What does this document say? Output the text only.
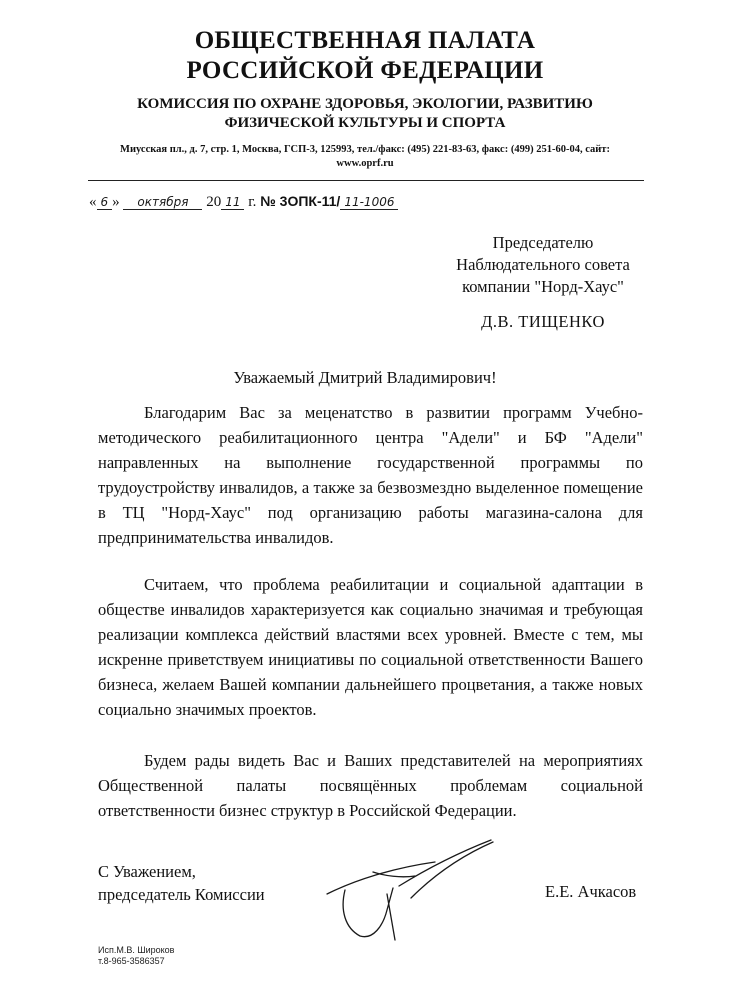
ОБЩЕСТВЕННАЯ ПАЛАТА
РОССИЙСКОЙ ФЕДЕРАЦИИ
КОМИССИЯ ПО ОХРАНЕ ЗДОРОВЬЯ, ЭКОЛОГИИ, РАЗВИТИЮ
ФИЗИЧЕСКОЙ КУЛЬТУРЫ И СПОРТА
Миусская пл., д. 7, стр. 1, Москва, ГСП-3, 125993, тел./факс: (495) 221-83-63, факс: (499) 251-60-04, сайт:
www.oprf.ru
« 6 » октября 20 11 г. № 3ОПК-11/ 11-1006
Председателю
Наблюдательного совета
компании "Норд-Хаус"
Д.В. ТИЩЕНКО
Уважаемый Дмитрий Владимирович!

Благодарим Вас за меценатство в развитии программ Учебно-методического реабилитационного центра "Адели" и БФ "Адели" направленных на выполнение государственной программы по трудоустройству инвалидов, а также за безвозмездно выделенное помещение в ТЦ "Норд-Хаус" под организацию работы магазина-салона для предпринимательства инвалидов.

Считаем, что проблема реабилитации и социальной адаптации в обществе инвалидов характеризуется как социально значимая и требующая реализации комплекса действий властями всех уровней. Вместе с тем, мы искренне приветствуем инициативы по социальной ответственности Вашего бизнеса, желаем Вашей компании дальнейшего процветания, а также новых социально значимых проектов.

Будем рады видеть Вас и Ваших представителей на мероприятиях Общественной палаты посвящённых проблемам социальной ответственности бизнес структур в Российской Федерации.

С Уважением,
председатель Комиссии	Е.Е. Ачкасов
Исп.М.В. Широков
т.8-965-3586357
